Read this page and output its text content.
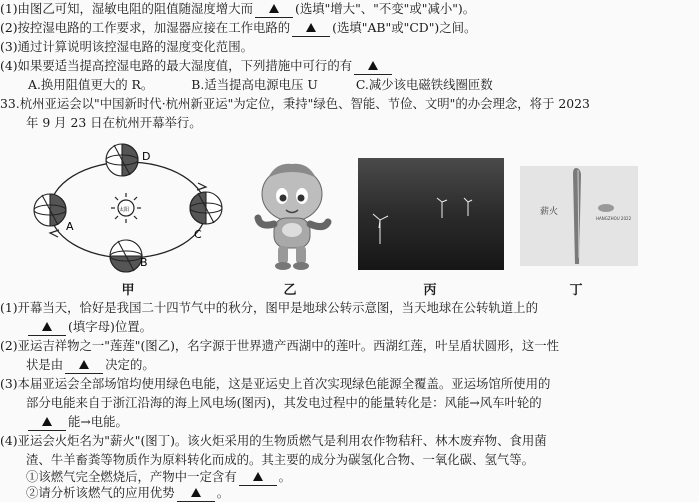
(1)由图乙可知，湿敏电阻的阻值随湿度增大而	(选填"增大"、"不变"或"减小")。
(2)按控湿电路的工作要求，加湿器应接在工作电路的	(选填"AB"或"CD")之间。
(3)通过计算说明该控湿电路的湿度变化范围。
(4)如果要适当提高控湿电路的最大湿度值，下列措施中可行的有
A.换用阻值更大的 R。	B.适当提高电源电压 U	C.减少该电磁铁线圈匝数
33.杭州亚运会以"中国新时代·杭州新亚运"为定位，秉持"绿色、智能、节俭、文明"的办会理念，将于 2023
年 9 月 23 日在杭州开幕举行。
D
A
C
B
太阳
甲	乙	丙
薪火
HANGZHOU 2022
丁
(1)开幕当天，恰好是我国二十四节气中的秋分，图甲是地球公转示意图，当天地球在公转轨道上的
(填字母)位置。
(2)亚运吉祥物之一"莲莲"(图乙)，名字源于世界遗产西湖中的莲叶。西湖红莲，叶呈盾状圆形，这一性
状是由	决定的。
(3)本届亚运会全部场馆均使用绿色电能，这是亚运史上首次实现绿色能源全覆盖。亚运场馆所使用的
部分电能来自于浙江沿海的海上风电场(图丙)，其发电过程中的能量转化是：风能→风车叶轮的
能→电能。
(4)亚运会火炬名为"薪火"(图丁)。该火炬采用的生物质燃气是利用农作物秸秆、林木废弃物、食用菌
渣、牛羊畜粪等物质作为原料转化而成的。其主要的成分为碳氢化合物、一氧化碳、氢气等。
①该燃气完全燃烧后，产物中一定含有	。
②请分析该燃气的应用优势	。
